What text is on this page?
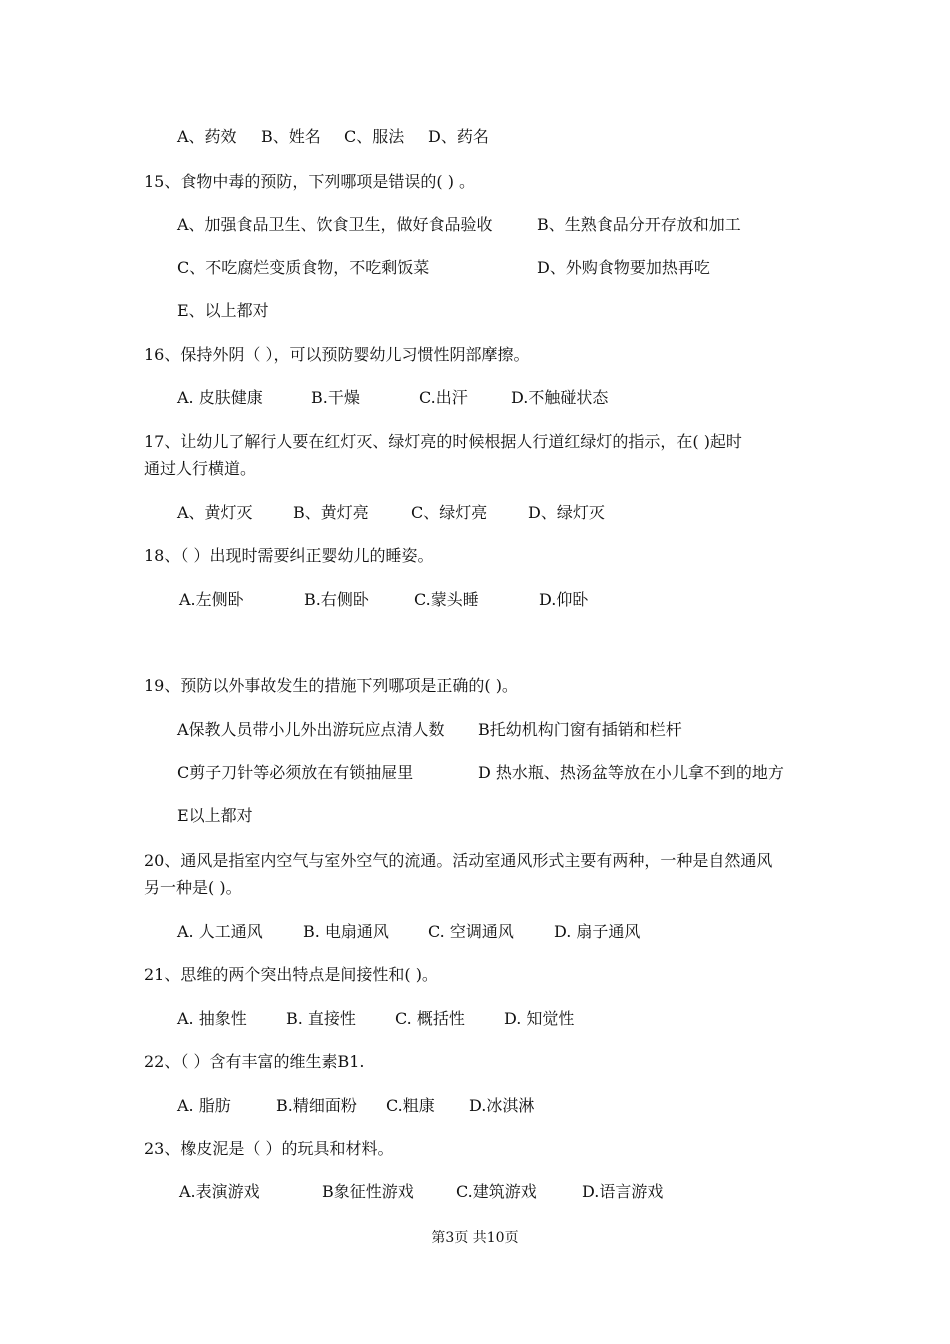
第3页 共10页
A、药效 B、姓名 C、服法 D、药名
15、食物中毒的预防，下列哪项是错误的( ) 。
A、加强食品卫生、饮食卫生，做好食品验收	B、生熟食品分开存放和加工
C、不吃腐烂变质食物，不吃剩饭菜	D、外购食物要加热再吃
E、以上都对
16、保持外阴（ ），可以预防婴幼儿习惯性阴部摩擦。
A. 皮肤健康	B.干燥	C.出汗	D.不触碰状态
17、让幼儿了解行人要在红灯灭、绿灯亮的时候根据人行道红绿灯的指示，在( )起时
通过人行横道。
A、黄灯灭	B、黄灯亮	C、绿灯亮	D、绿灯灭
18、（ ）出现时需要纠正婴幼儿的睡姿。
A.左侧卧	B.右侧卧	C.蒙头睡	D.仰卧
19、预防以外事故发生的措施下列哪项是正确的( )。
A保教人员带小儿外出游玩应点清人数 B托幼机构门窗有插销和栏杆
C剪子刀针等必须放在有锁抽屉里	D 热水瓶、热汤盆等放在小儿拿不到的地方
E以上都对
20、通风是指室内空气与室外空气的流通。活动室通风形式主要有两种，一种是自然通风
另一种是( )。
A. 人工通风	B. 电扇通风 C. 空调通风	D. 扇子通风
21、思维的两个突出特点是间接性和( )。
A. 抽象性 B. 直接性 C. 概括性 D. 知觉性
22、（ ）含有丰富的维生素B1.
A. 脂肪	B.精细面粉 C.粗康 D.冰淇淋
23、橡皮泥是（ ）的玩具和材料。
A.表演游戏	B象征性游戏	C.建筑游戏	D.语言游戏
